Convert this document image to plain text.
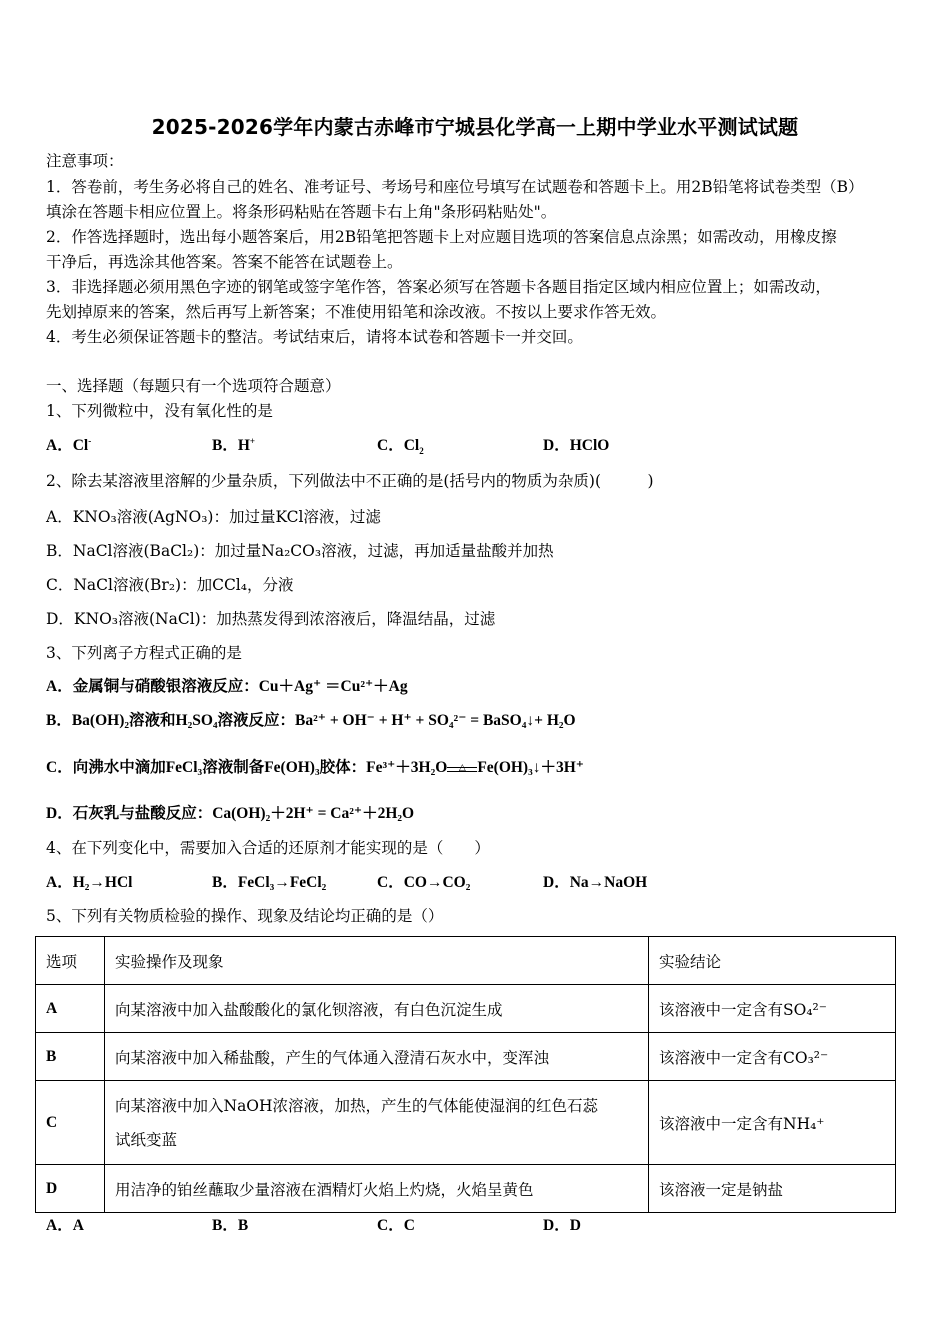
2025-2026学年内蒙古赤峰市宁城县化学高一上期中学业水平测试试题
注意事项：
1．答卷前，考生务必将自己的姓名、准考证号、考场号和座位号填写在试题卷和答题卡上。用2B铅笔将试卷类型（B）
填涂在答题卡相应位置上。将条形码粘贴在答题卡右上角"条形码粘贴处"。
2．作答选择题时，选出每小题答案后，用2B铅笔把答题卡上对应题目选项的答案信息点涂黑；如需改动，用橡皮擦
干净后，再选涂其他答案。答案不能答在试题卷上。
3．非选择题必须用黑色字迹的钢笔或签字笔作答，答案必须写在答题卡各题目指定区域内相应位置上；如需改动，
先划掉原来的答案，然后再写上新答案；不准使用铅笔和涂改液。不按以上要求作答无效。
4．考生必须保证答题卡的整洁。考试结束后，请将本试卷和答题卡一并交回。
一、选择题（每题只有一个选项符合题意）
1、下列微粒中，没有氧化性的是
A．Cl-	B．H+	C．$Cl_2$	D．HClO
2、除去某溶液里溶解的少量杂质，下列做法中不正确的是(括号内的物质为杂质)(　　　)
A．KNO₃溶液(AgNO₃)：加过量KCl溶液，过滤
B．NaCl溶液(BaCl₂)：加过量Na₂CO₃溶液，过滤，再加适量盐酸并加热
C．NaCl溶液(Br₂)：加CCl₄，分液
D．KNO₃溶液(NaCl)：加热蒸发得到浓溶液后，降温结晶，过滤
3、下列离子方程式正确的是
A．金属铜与硝酸银溶液反应：Cu＋Ag⁺ ＝Cu²⁺＋Ag
B．Ba(OH)₂溶液和H₂SO₄溶液反应：Ba²⁺ + OH⁻ + H⁺ + SO₄²⁻ = BaSO₄↓+ H₂O
C．向沸水中滴加FeCl₃溶液制备Fe(OH)₃胶体：Fe³⁺＋3H₂O	△ Fe(OH)₃↓＋3H⁺
D．石灰乳与盐酸反应：Ca(OH)₂＋2H⁺ = Ca²⁺＋2H₂O
4、在下列变化中，需要加入合适的还原剂才能实现的是（　　）
A．H₂→HCl	B．FeCl₃→FeCl₂	C．CO→CO₂	D．Na→NaOH
5、下列有关物质检验的操作、现象及结论均正确的是（）
选项	实验操作及现象	实验结论
A	向某溶液中加入盐酸酸化的氯化钡溶液，有白色沉淀生成	该溶液中一定含有SO₄²⁻
B	向某溶液中加入稀盐酸，产生的气体通入澄清石灰水中，变浑浊	该溶液中一定含有CO₃²⁻
C	向某溶液中加入NaOH浓溶液，加热，产生的气体能使湿润的红色石蕊
试纸变蓝	该溶液中一定含有NH₄⁺
D	用洁净的铂丝蘸取少量溶液在酒精灯火焰上灼烧，火焰呈黄色	该溶液一定是钠盐
A．A	B．B	C．C	D．D
